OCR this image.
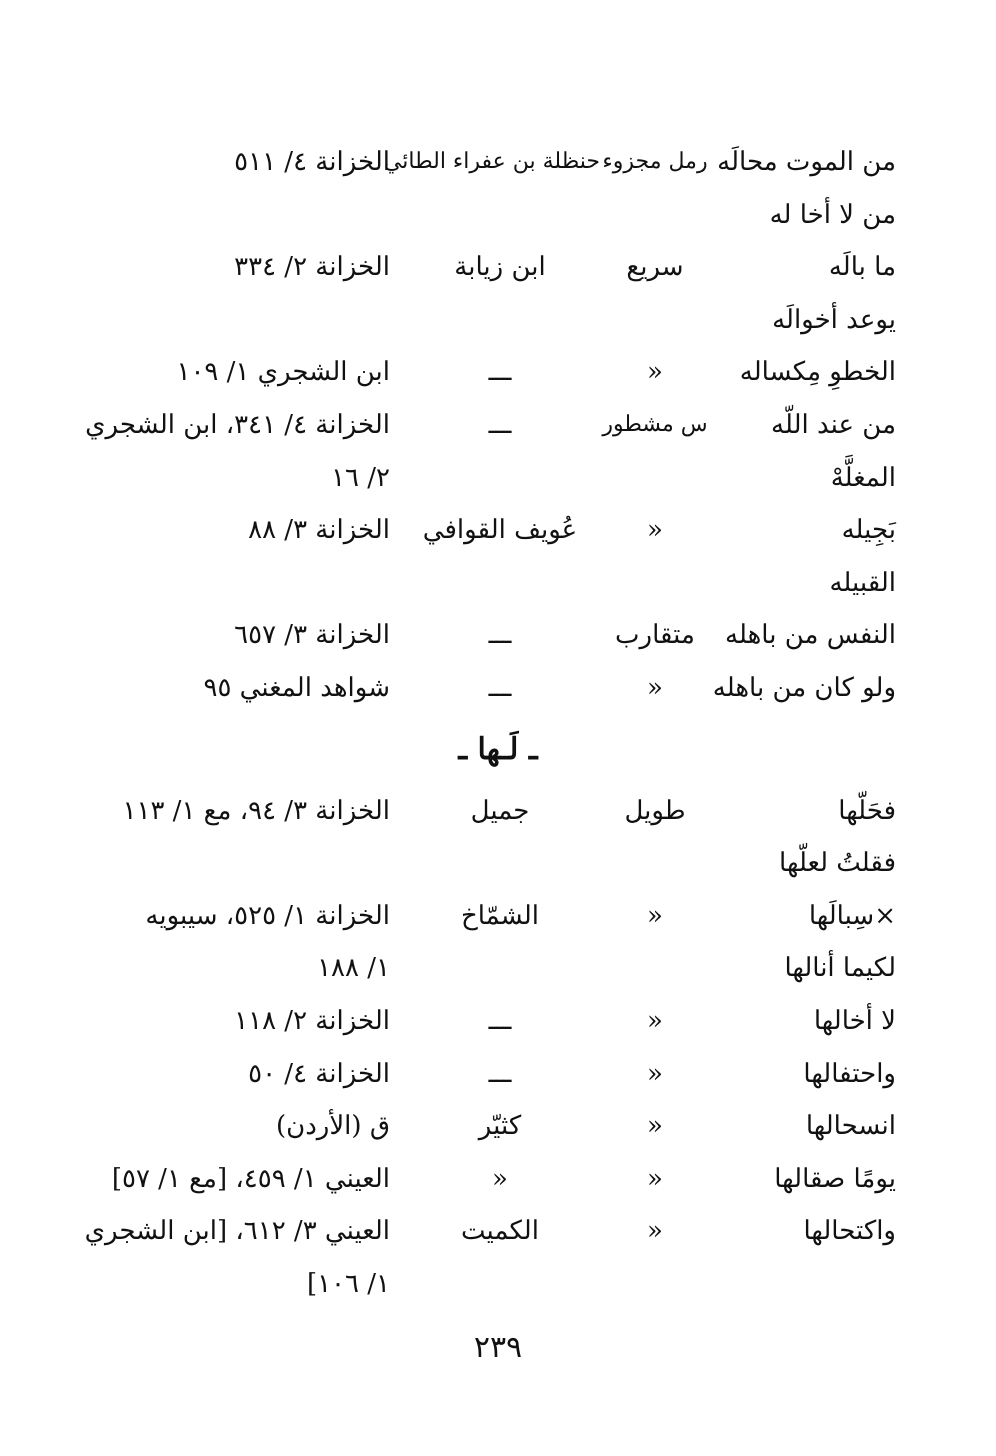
من الموت محالَه
رمل مجزوء
حنظلة بن عفراء الطائي
الخزانة ٤/ ٥١١
من لا أخا له
ما بالَه
سريع
ابن زيابة
الخزانة ٢/ ٣٣٤
يوعد أخوالَه
الخطوِ مِكساله
«
ـــ
ابن الشجري ١/ ١٠٩
من عند اللّه
س مشطور
ـــ
الخزانة ٤/ ٣٤١، ابن الشجري
المغلَّهْ
٢/ ١٦
بَجِيله
«
عُويف القوافي
الخزانة ٣/ ٨٨
القبيله
النفس من باهله
متقارب
ـــ
الخزانة ٣/ ٦٥٧
ولو كان من باهله
«
ـــ
شواهد المغني ٩٥
ـ لَـها ـ
فحَلّها
طويل
جميل
الخزانة ٣/ ٩٤، مع ١/ ١١٣
فقلتُ لعلّها
×سِبالَها
«
الشمّاخ
الخزانة ١/ ٥٢٥، سيبويه
لكيما أنالها
١/ ١٨٨
لا أخالها
«
ـــ
الخزانة ٢/ ١١٨
واحتفالها
«
ـــ
الخزانة ٤/ ٥٠
انسحالها
«
كثيّر
ق (الأردن)
يومًا صقالها
«
«
العيني ١/ ٤٥٩، [مع ١/ ٥٧]
واكتحالها
«
الكميت
العيني ٣/ ٦١٢، [ابن الشجري
١/ ١٠٦]
٢٣٩
